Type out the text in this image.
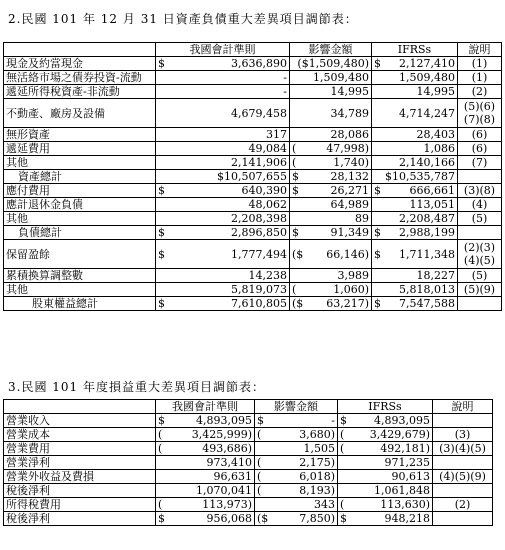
2.民國 101 年 12 月 31 日資產負債重大差異項目調節表：
	我國會計準則	影響金額	IFRSs	說明
現金及約當現金	$ 3,636,890	($1,509,480)	$ 2,127,410	(1)

無活絡市場之債券投資-流動	-	1,509,480	1,509,480	(1)

遞延所得稅資產-非流動	-	14,995	14,995	(2)

不動產、廠房及設備	4,679,458	34,789	4,714,247	(5)(6)
(7)(8)

無形資產	317	28,086	28,403	(6)

遞延費用	49,084	( 47,998)	1,086	(6)

其他	2,141,906	( 1,740)	2,140,166	(7)

資產總計	$10,507,655	$ 28,132	$10,535,787	

應付費用	$ 640,390	$ 26,271	$ 666,661	(3)(8)

應計退休金負債	48,062	64,989	113,051	(4)

其他	2,208,398	89	2,208,487	(5)

負債總計	$ 2,896,850	$ 91,349	$ 2,988,199	

保留盈餘	$ 1,777,494	($ 66,146)	$ 1,711,348	(2)(3)
(4)(5)

累積換算調整數	14,238	3,989	18,227	(5)

其他	5,819,073	( 1,060)	5,818,013	(5)(9)

股東權益總計	$ 7,610,805	($ 63,217)	$ 7,547,588	

3.民國 101 年度損益重大差異項目調節表：
	我國會計準則	影響金額	IFRSs	說明
營業收入	$ 4,893,095	$ -	$ 4,893,095	

營業成本	( 3,425,999)	( 3,680)	( 3,429,679)	(3)

營業費用	( 493,686)	1,505	( 492,181)	(3)(4)(5)

營業淨利	973,410	( 2,175)	971,235	

營業外收益及費損	96,631	( 6,018)	90,613	(4)(5)(9)

稅後淨利	1,070,041	( 8,193)	1,061,848	

所得稅費用	( 113,973)	343	( 113,630)	(2)

稅後淨利	$ 956,068	($ 7,850)	$ 948,218	
